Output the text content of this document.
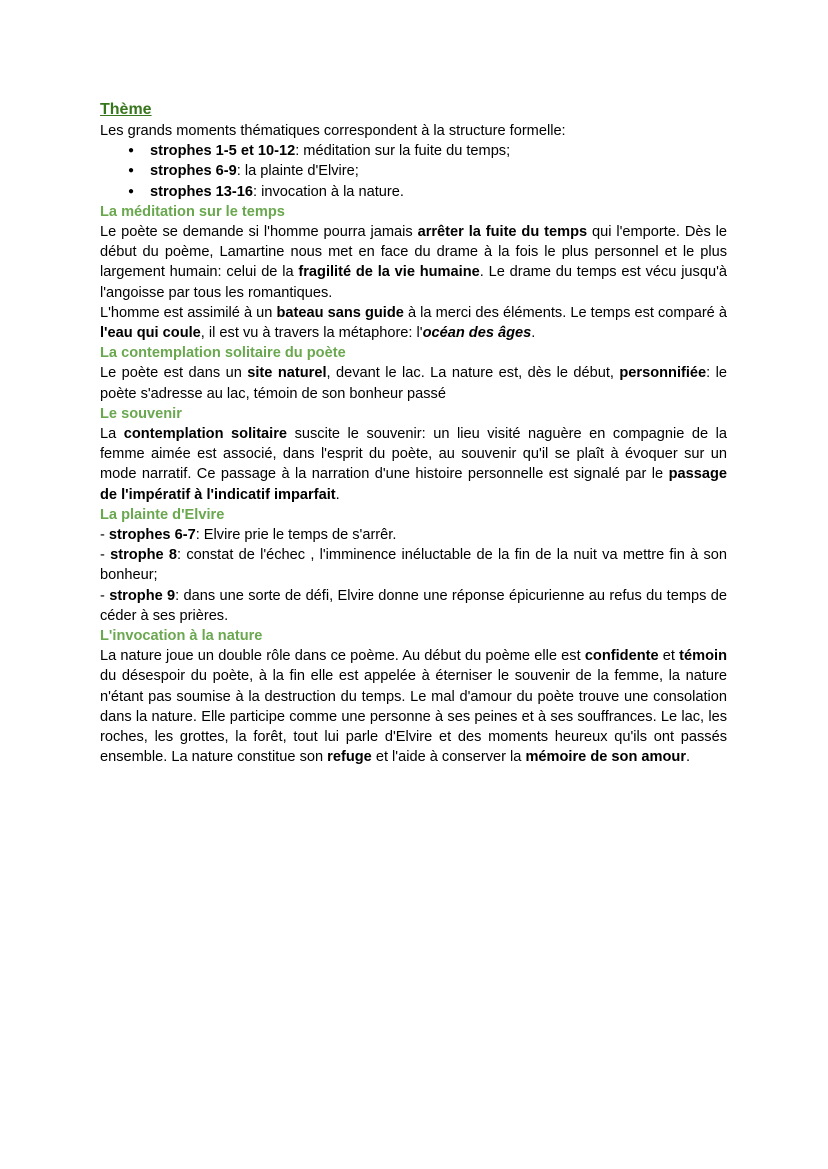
Thème

Les grands moments thématiques correspondent à la structure formelle:

● strophes 1-5 et 10-12: méditation sur la fuite du temps;
● strophes 6-9: la plainte d'Elvire;
● strophes 13-16: invocation à la nature.
La méditation sur le temps

Le poète se demande si l'homme pourra jamais arrêter la fuite du temps qui l'emporte. Dès le début du poème, Lamartine nous met en face du drame à la fois le plus personnel et le plus largement humain: celui de la fragilité de la vie humaine. Le drame du temps est vécu jusqu'à l'angoisse par tous les romantiques.

L'homme est assimilé à un bateau sans guide à la merci des éléments. Le temps est comparé à l'eau qui coule, il est vu à travers la métaphore: l'océan des âges.

La contemplation solitaire du poète

Le poète est dans un site naturel, devant le lac. La nature est, dès le début, personnifiée: le poète s'adresse au lac, témoin de son bonheur passé

Le souvenir

La contemplation solitaire suscite le souvenir: un lieu visité naguère en compagnie de la femme aimée est associé, dans l'esprit du poète, au souvenir qu'il se plaît à évoquer sur un mode narratif. Ce passage à la narration d'une histoire personnelle est signalé par le passage de l'impératif à l'indicatif imparfait.

La plainte d'Elvire

- strophes 6-7: Elvire prie le temps de s'arrêr.

- strophe 8: constat de l'échec , l'imminence inéluctable de la fin de la nuit va mettre fin à son bonheur;

- strophe 9: dans une sorte de défi, Elvire donne une réponse épicurienne au refus du temps de céder à ses prières.

L'invocation à la nature

La nature joue un double rôle dans ce poème. Au début du poème elle est confidente et témoin du désespoir du poète, à la fin elle est appelée à éterniser le souvenir de la femme, la nature n'étant pas soumise à la destruction du temps. Le mal d'amour du poète trouve une consolation dans la nature. Elle participe comme une personne à ses peines et à ses souffrances. Le lac, les roches, les grottes, la forêt, tout lui parle d'Elvire et des moments heureux qu'ils ont passés ensemble. La nature constitue son refuge et l'aide à conserver la mémoire de son amour.
